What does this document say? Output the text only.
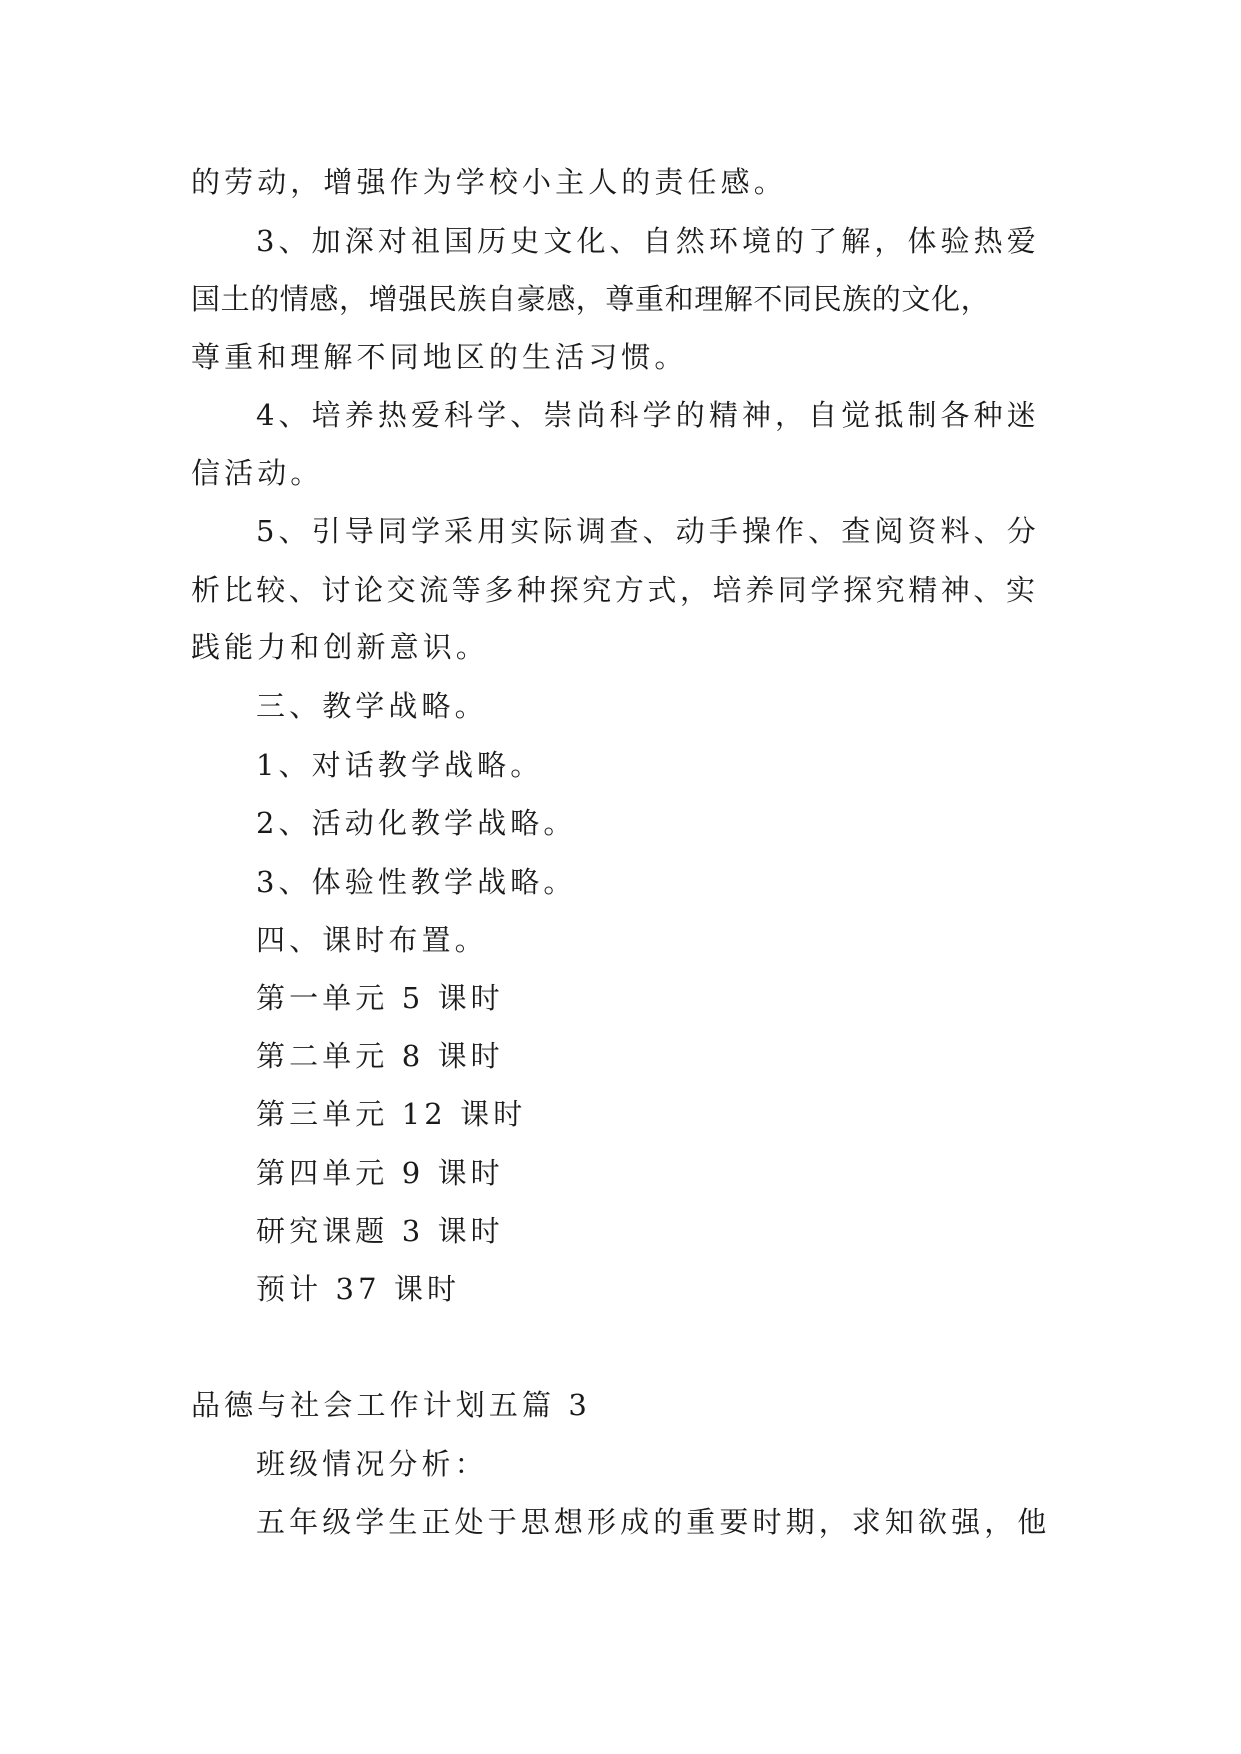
的劳动，增强作为学校小主人的责任感。
3、加深对祖国历史文化、自然环境的了解，体验热爱
国土的情感，增强民族自豪感，尊重和理解不同民族的文化，
尊重和理解不同地区的生活习惯。
4、培养热爱科学、崇尚科学的精神，自觉抵制各种迷
信活动。
5、引导同学采用实际调查、动手操作、查阅资料、分
析比较、讨论交流等多种探究方式，培养同学探究精神、实
践能力和创新意识。
三、教学战略。
1、对话教学战略。
2、活动化教学战略。
3、体验性教学战略。
四、课时布置。
第一单元 5 课时
第二单元 8 课时
第三单元 12 课时
第四单元 9 课时
研究课题 3 课时
预计 37 课时
品德与社会工作计划五篇 3
班级情况分析：
五年级学生正处于思想形成的重要时期，求知欲强，他
